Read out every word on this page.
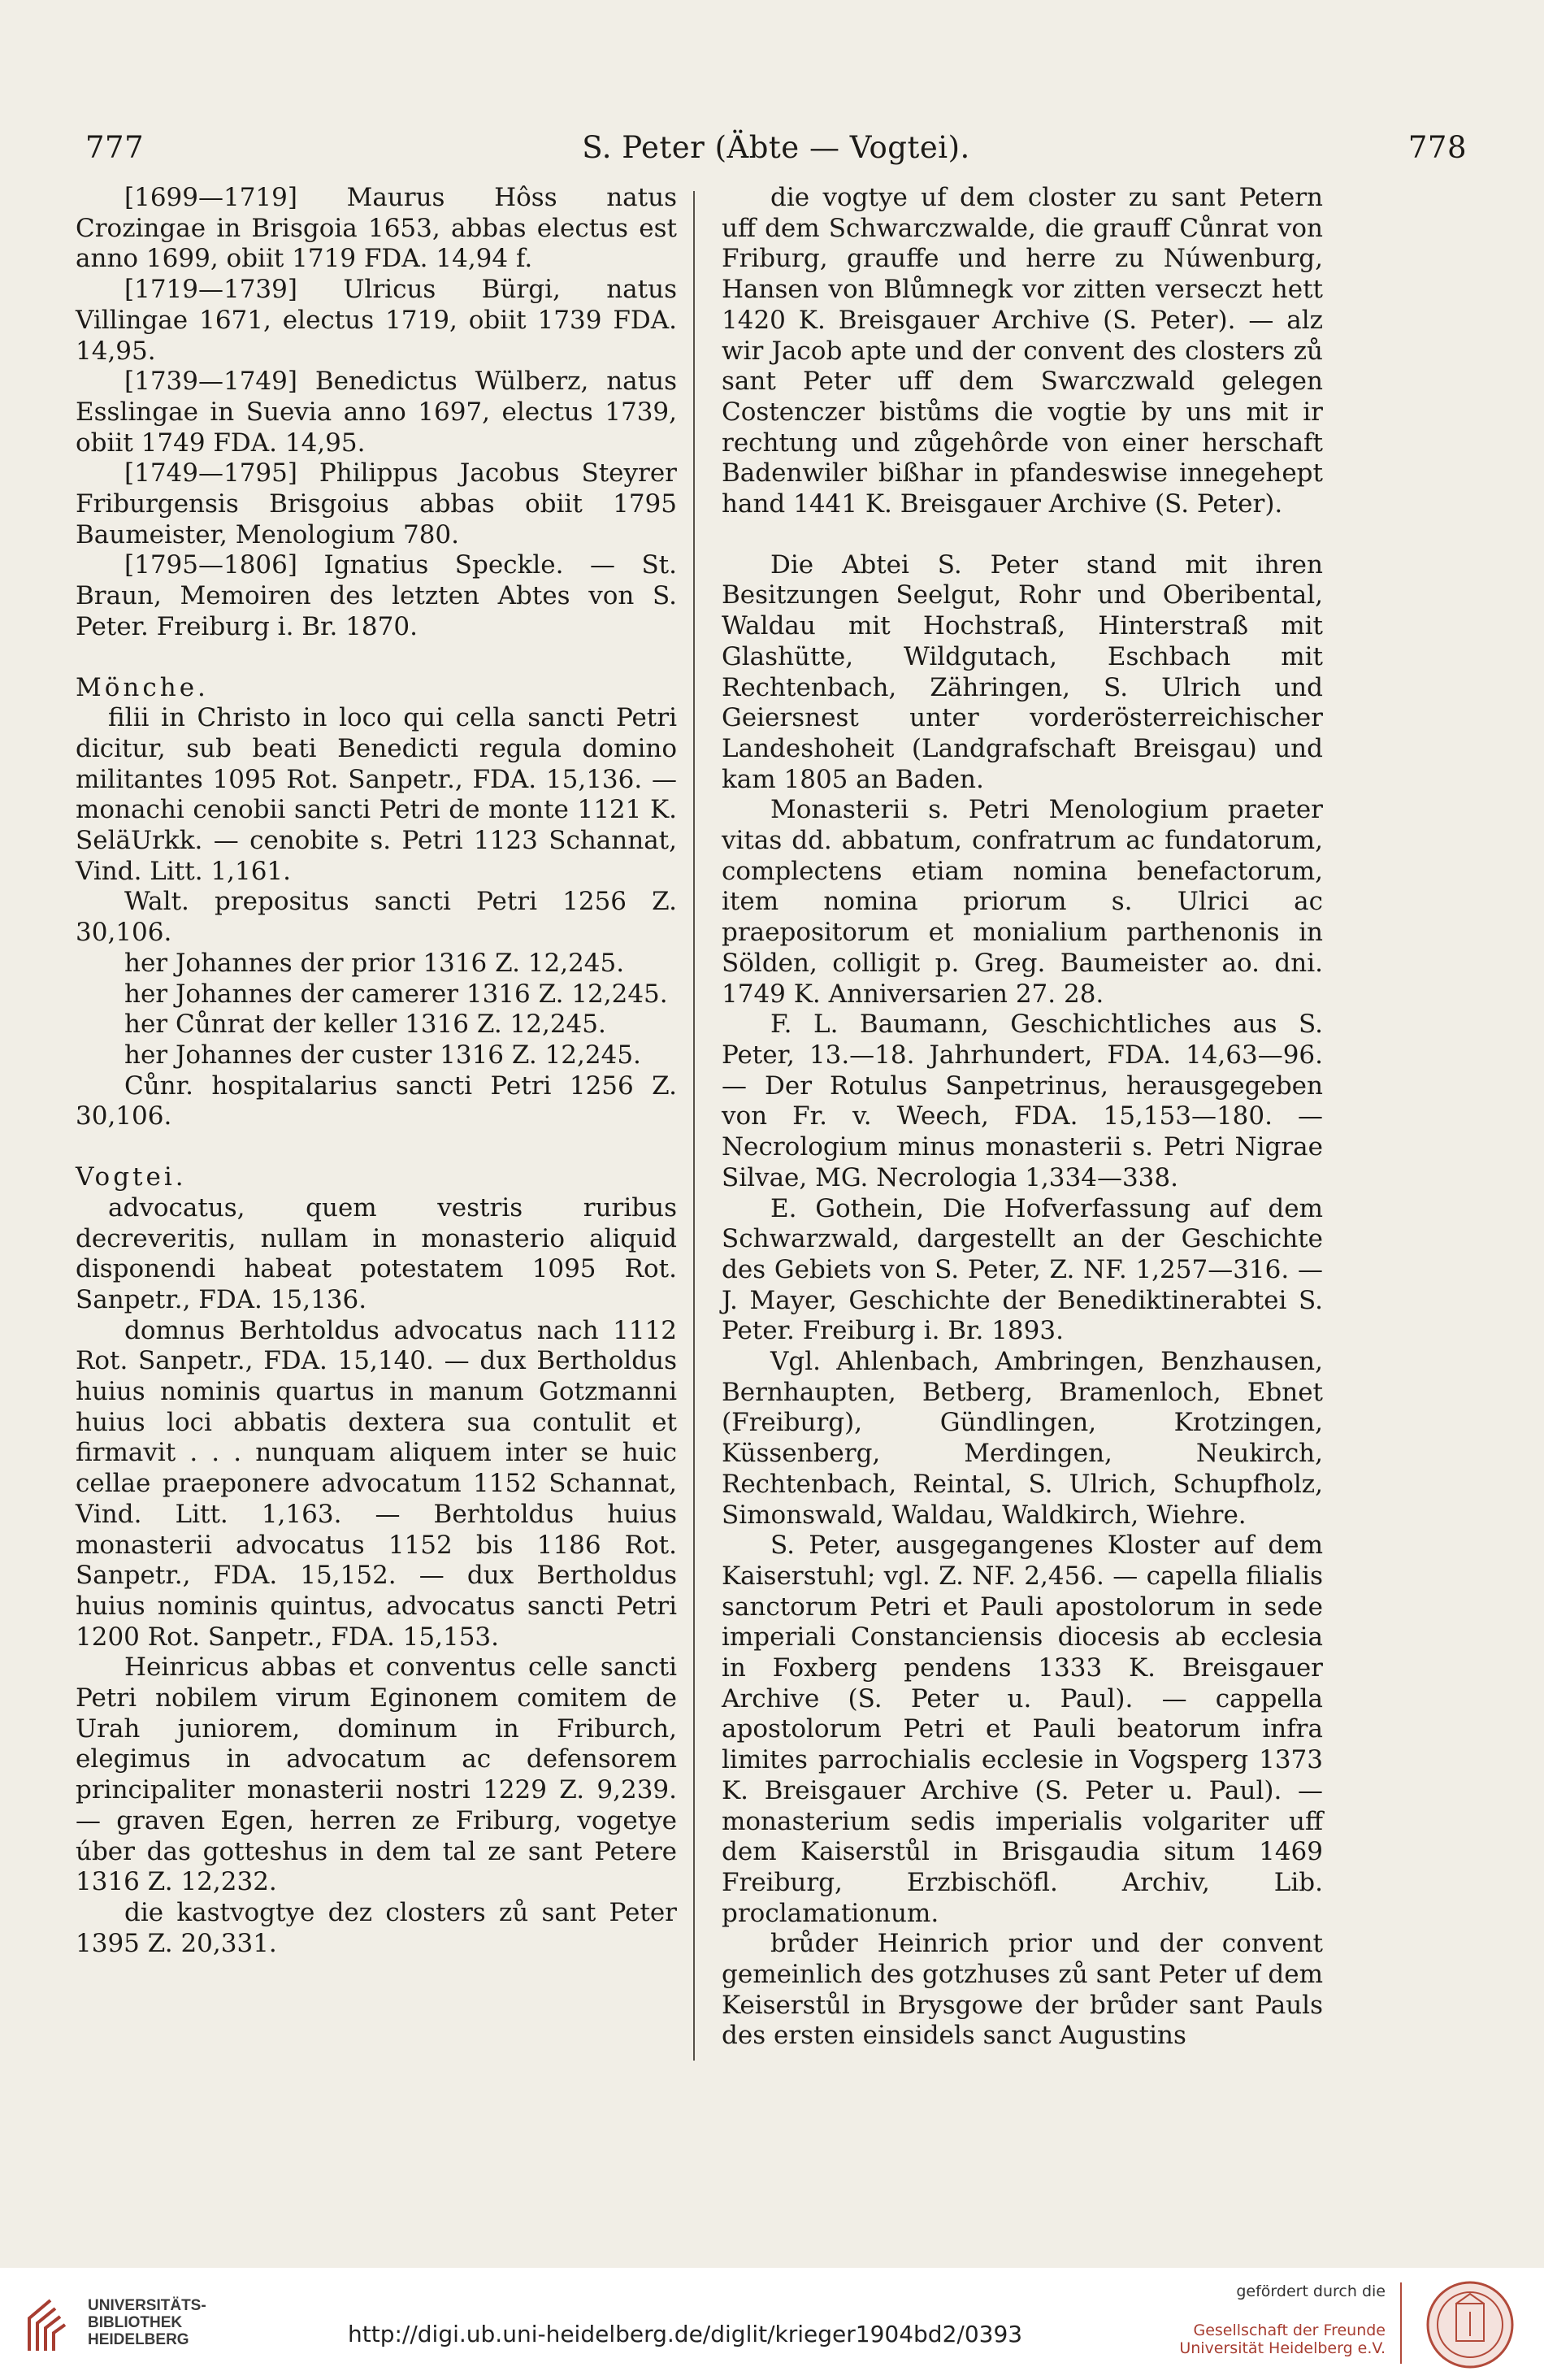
777	S. Peter (Äbte — Vogtei).	778

[1699—1719] Maurus Hôss natus Crozingae in Brisgoia 1653, abbas electus est anno 1699, obiit 1719 FDA. 14,94 f.

[1719—1739] Ulricus Bürgi, natus Villingae 1671, electus 1719, obiit 1739 FDA. 14,95.

[1739—1749] Benedictus Wülberz, natus Esslingae in Suevia anno 1697, electus 1739, obiit 1749 FDA. 14,95.

[1749—1795] Philippus Jacobus Steyrer Friburgensis Brisgoius abbas obiit 1795 Baumeister, Menologium 780.

[1795—1806] Ignatius Speckle. — St. Braun, Memoiren des letzten Abtes von S. Peter. Freiburg i. Br. 1870.

Mönche.

filii in Christo in loco qui cella sancti Petri dicitur, sub beati Benedicti regula domino militantes 1095 Rot. Sanpetr., FDA. 15,136. — monachi cenobii sancti Petri de monte 1121 K. SeläUrkk. — cenobite s. Petri 1123 Schannat, Vind. Litt. 1,161.

Walt. prepositus sancti Petri 1256 Z. 30,106.

her Johannes der prior 1316 Z. 12,245.

her Johannes der camerer 1316 Z. 12,245.

her Cůnrat der keller 1316 Z. 12,245.

her Johannes der custer 1316 Z. 12,245.

Cůnr. hospitalarius sancti Petri 1256 Z. 30,106.

Vogtei.

advocatus, quem vestris ruribus decreveritis, nullam in monasterio aliquid disponendi habeat potestatem 1095 Rot. Sanpetr., FDA. 15,136.

domnus Berhtoldus advocatus nach 1112 Rot. Sanpetr., FDA. 15,140. — dux Bertholdus huius nominis quartus in manum Gotzmanni huius loci abbatis dextera sua contulit et firmavit . . . nunquam aliquem inter se huic cellae praeponere advocatum 1152 Schannat, Vind. Litt. 1,163. — Berhtoldus huius monasterii advocatus 1152 bis 1186 Rot. Sanpetr., FDA. 15,152. — dux Bertholdus huius nominis quintus, advocatus sancti Petri 1200 Rot. Sanpetr., FDA. 15,153.

Heinricus abbas et conventus celle sancti Petri nobilem virum Eginonem comitem de Urah juniorem, dominum in Friburch, elegimus in advocatum ac defensorem principaliter monasterii nostri 1229 Z. 9,239. — graven Egen, herren ze Friburg, vogetye úber das gotteshus in dem tal ze sant Petere 1316 Z. 12,232.

die kastvogtye dez closters zů sant Peter 1395 Z. 20,331.

die vogtye uf dem closter zu sant Petern uff dem Schwarczwalde, die grauff Cůnrat von Friburg, grauffe und herre zu Núwenburg, Hansen von Blůmnegk vor zitten verseczt hett 1420 K. Breisgauer Archive (S. Peter). — alz wir Jacob apte und der convent des closters zů sant Peter uff dem Swarczwald gelegen Costenczer bistůms die vogtie by uns mit ir rechtung und zůgehôrde von einer herschaft Badenwiler bißhar in pfandeswise innegehept hand 1441 K. Breisgauer Archive (S. Peter).

Die Abtei S. Peter stand mit ihren Besitzungen Seelgut, Rohr und Oberibental, Waldau mit Hochstraß, Hinterstraß mit Glashütte, Wildgutach, Eschbach mit Rechtenbach, Zähringen, S. Ulrich und Geiersnest unter vorderösterreichischer Landeshoheit (Landgrafschaft Breisgau) und kam 1805 an Baden.

Monasterii s. Petri Menologium praeter vitas dd. abbatum, confratrum ac fundatorum, complectens etiam nomina benefactorum, item nomina priorum s. Ulrici ac praepositorum et monialium parthenonis in Sölden, colligit p. Greg. Baumeister ao. dni. 1749 K. Anniversarien 27. 28.

F. L. Baumann, Geschichtliches aus S. Peter, 13.—18. Jahrhundert, FDA. 14,63—96. — Der Rotulus Sanpetrinus, herausgegeben von Fr. v. Weech, FDA. 15,153—180. — Necrologium minus monasterii s. Petri Nigrae Silvae, MG. Necrologia 1,334—338.

E. Gothein, Die Hofverfassung auf dem Schwarzwald, dargestellt an der Geschichte des Gebiets von S. Peter, Z. NF. 1,257—316. — J. Mayer, Geschichte der Benediktinerabtei S. Peter. Freiburg i. Br. 1893.

Vgl. Ahlenbach, Ambringen, Benzhausen, Bernhaupten, Betberg, Bramenloch, Ebnet (Freiburg), Gündlingen, Krotzingen, Küssenberg, Merdingen, Neukirch, Rechtenbach, Reintal, S. Ulrich, Schupfholz, Simonswald, Waldau, Waldkirch, Wiehre.

S. Peter, ausgegangenes Kloster auf dem Kaiserstuhl; vgl. Z. NF. 2,456. — capella filialis sanctorum Petri et Pauli apostolorum in sede imperiali Constanciensis diocesis ab ecclesia in Foxberg pendens 1333 K. Breisgauer Archive (S. Peter u. Paul). — cappella apostolorum Petri et Pauli beatorum infra limites parrochialis ecclesie in Vogsperg 1373 K. Breisgauer Archive (S. Peter u. Paul). — monasterium sedis imperialis volgariter uff dem Kaiserstůl in Brisgaudia situm 1469 Freiburg, Erzbischöfl. Archiv, Lib. proclamationum.

brůder Heinrich prior und der convent gemeinlich des gotzhuses zů sant Peter uf dem Keiserstůl in Brysgowe der brůder sant Pauls des ersten einsidels sanct Augustins

UNIVERSITÄTS-
BIBLIOTHEK
HEIDELBERG	http://digi.ub.uni-heidelberg.de/diglit/krieger1904bd2/0393
gefördert durch die
Gesellschaft der Freunde
Universität Heidelberg e.V.
